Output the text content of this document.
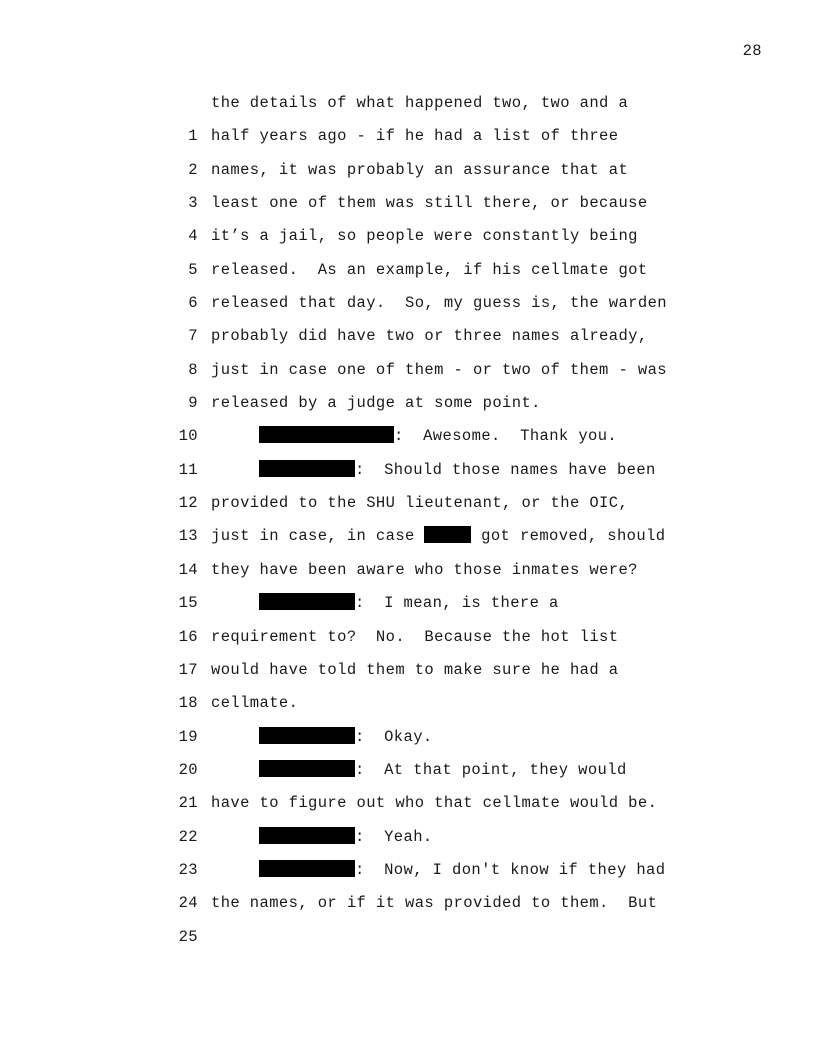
28

1

the details of what happened two, two and a

2

half years ago - if he had a list of three

3

names, it was probably an assurance that at

4

least one of them was still there, or because

5

it’s a jail, so people were constantly being

6

released.  As an example, if his cellmate got

7

released that day.  So, my guess is, the warden

8

probably did have two or three names already,

9

just in case one of them - or two of them - was

10

released by a judge at some point.

11

:  Awesome.  Thank you.

12

:  Should those names have been

13

provided to the SHU lieutenant, or the OIC,

14

just in case, in case	got removed, should

15

they have been aware who those inmates were?

16

:  I mean, is there a

17

requirement to?  No.  Because the hot list

18

would have told them to make sure he had a

19

cellmate.

20

:  Okay.

21

:  At that point, they would

22

have to figure out who that cellmate would be.

23

:  Yeah.

24

:  Now, I don't know if they had

25

the names, or if it was provided to them.  But
